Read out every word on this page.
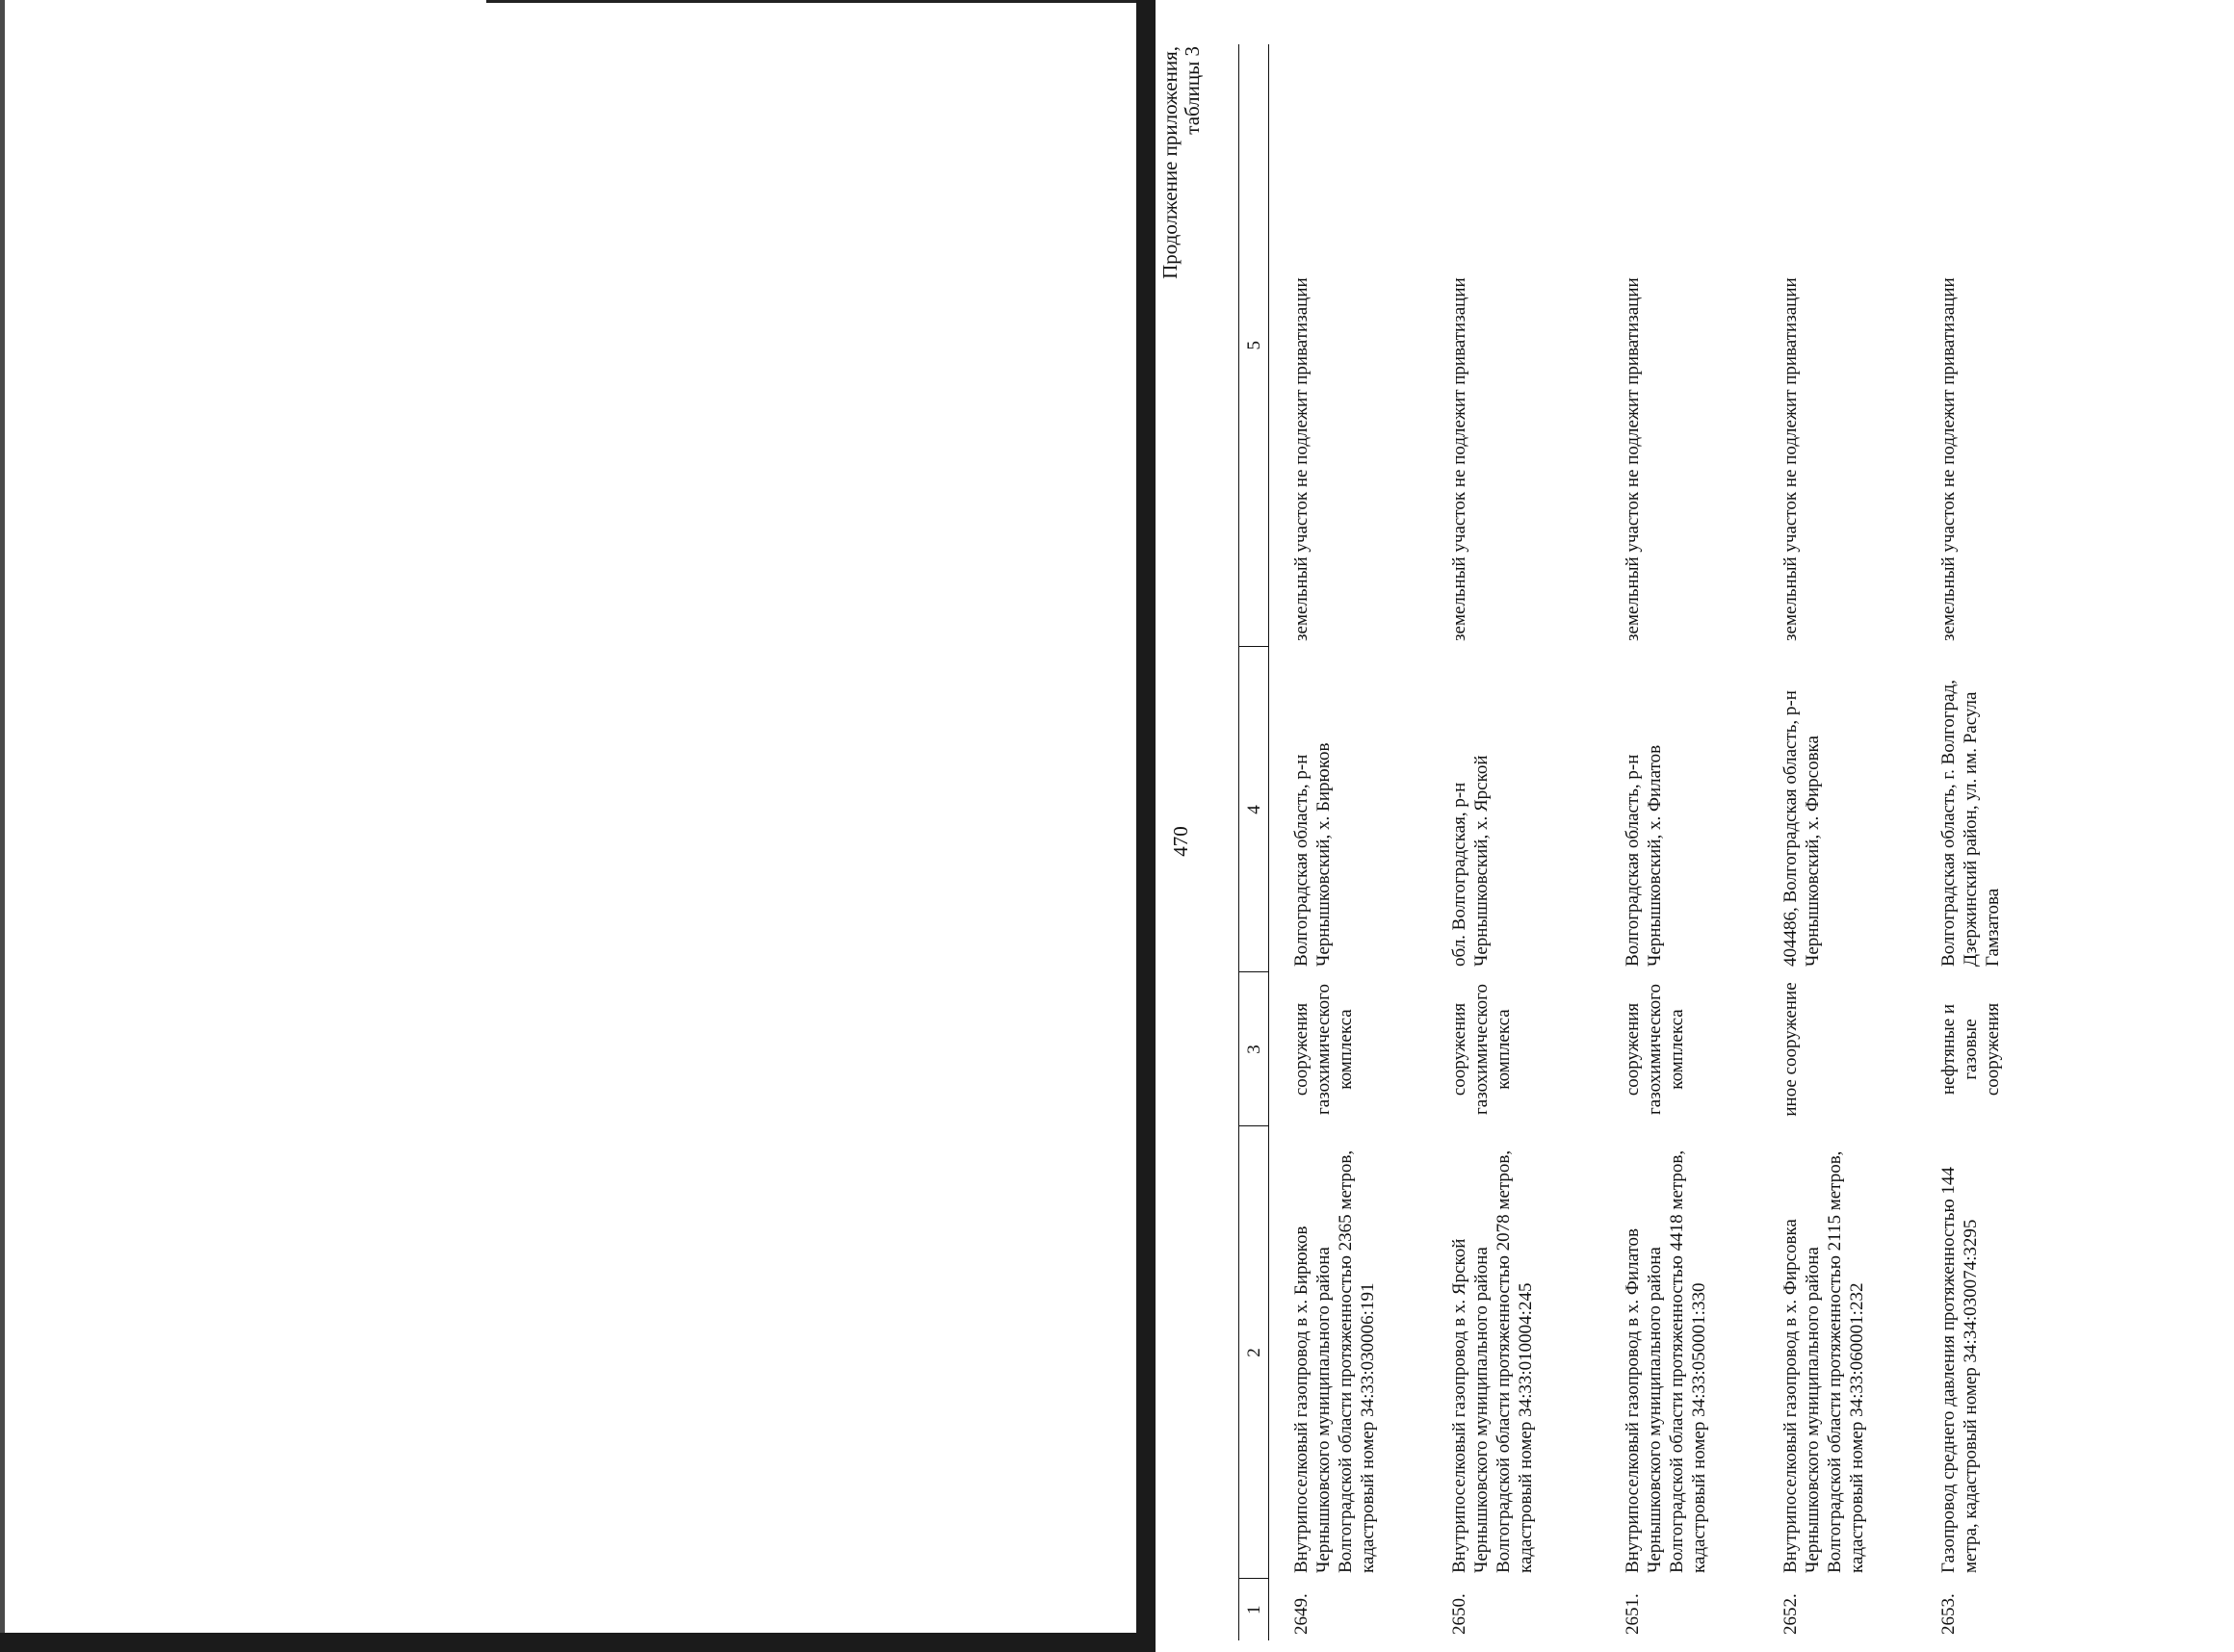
470
Продолжение приложения, таблицы 3
1	2	3	4	5
2649.	Внутрипоселковый газопровод в х. Бирюков Чернышковского муниципального района Волгоградской области протяженностью 2365 метров, кадастровый номер 34:33:030006:191	сооружения газохимического комплекса	Волгоградская область, р-н Чернышковский, х. Бирюков	земельный участок не подлежит приватизации
2650.	Внутрипоселковый газопровод в х. Ярской Чернышковского муниципального района Волгоградской области протяженностью 2078 метров, кадастровый номер 34:33:010004:245	сооружения газохимического комплекса	обл. Волгоградская, р-н Чернышковский, х. Ярской	земельный участок не подлежит приватизации
2651.	Внутрипоселковый газопровод в х. Филатов Чернышковского муниципального района Волгоградской области протяженностью 4418 метров, кадастровый номер 34:33:050001:330	сооружения газохимического комплекса	Волгоградская область, р-н Чернышковский, х. Филатов	земельный участок не подлежит приватизации
2652.	Внутрипоселковый газопровод в х. Фирсовка Чернышковского муниципального района Волгоградской области протяженностью 2115 метров, кадастровый номер 34:33:060001:232	иное сооружение	404486, Волгоградская область, р-н Чернышковский, х. Фирсовка	земельный участок не подлежит приватизации
2653.	Газопровод среднего давления протяженностью 144 метра, кадастровый номер 34:34:030074:3295	нефтяные и газовые сооружения	Волгоградская область, г. Волгоград, Дзержинский район, ул. им. Расула Гамзатова	земельный участок не подлежит приватизации
